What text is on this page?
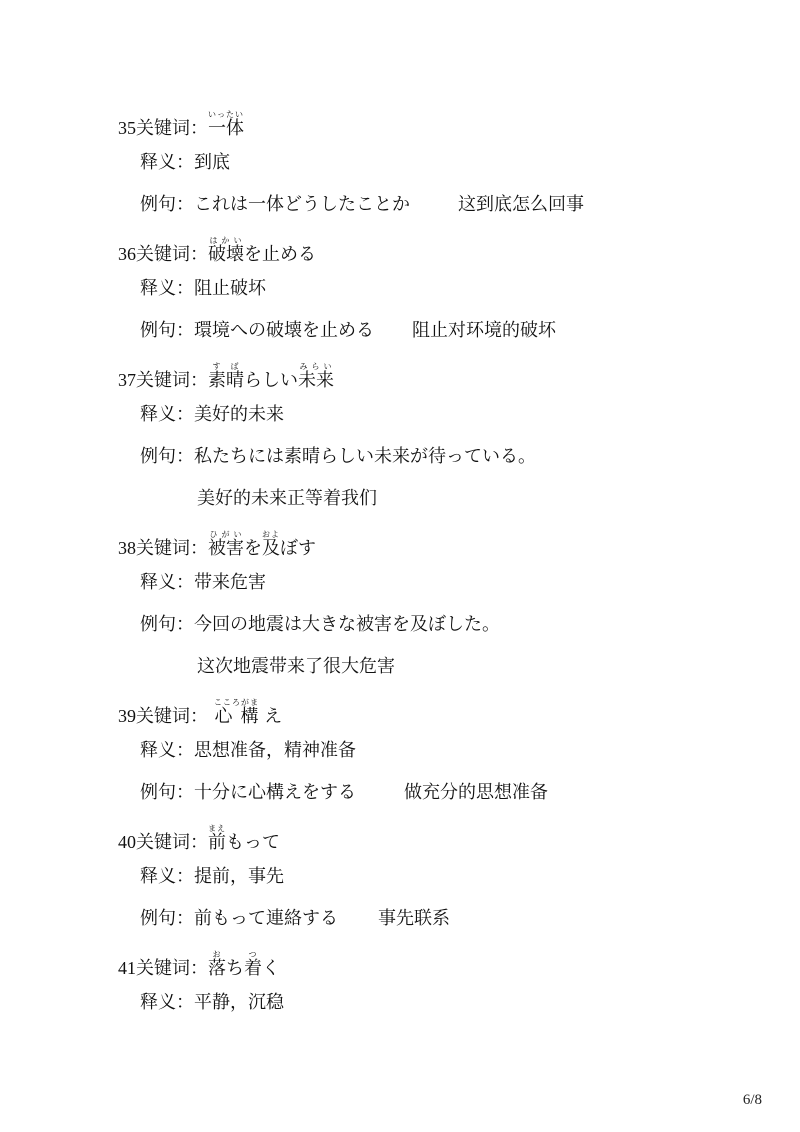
35关键词：一体いったい
释义：到底
例句：これは一体どうしたことか	这到底怎么回事
36关键词：破壊はかいを止める
释义：阻止破坏
例句：環境への破壊を止める 阻止对环境的破坏
37关键词：素晴すばらしい未来みらい
释义：美好的未来
例句：私たちには素晴らしい未来が待っている。
美好的未来正等着我们
38关键词：被害ひがいを及およぼす
释义：带来危害
例句：今回の地震は大きな被害を及ぼした。
这次地震带来了很大危害
39关键词： 心 構こころがま え
释义：思想准备，精神准备
例句：十分に心構えをする	做充分的思想准备
40关键词：前まえもって
释义：提前，事先
例句：前もって連絡する 事先联系
41关键词：落おち着つく
释义：平静，沉稳
6/8
